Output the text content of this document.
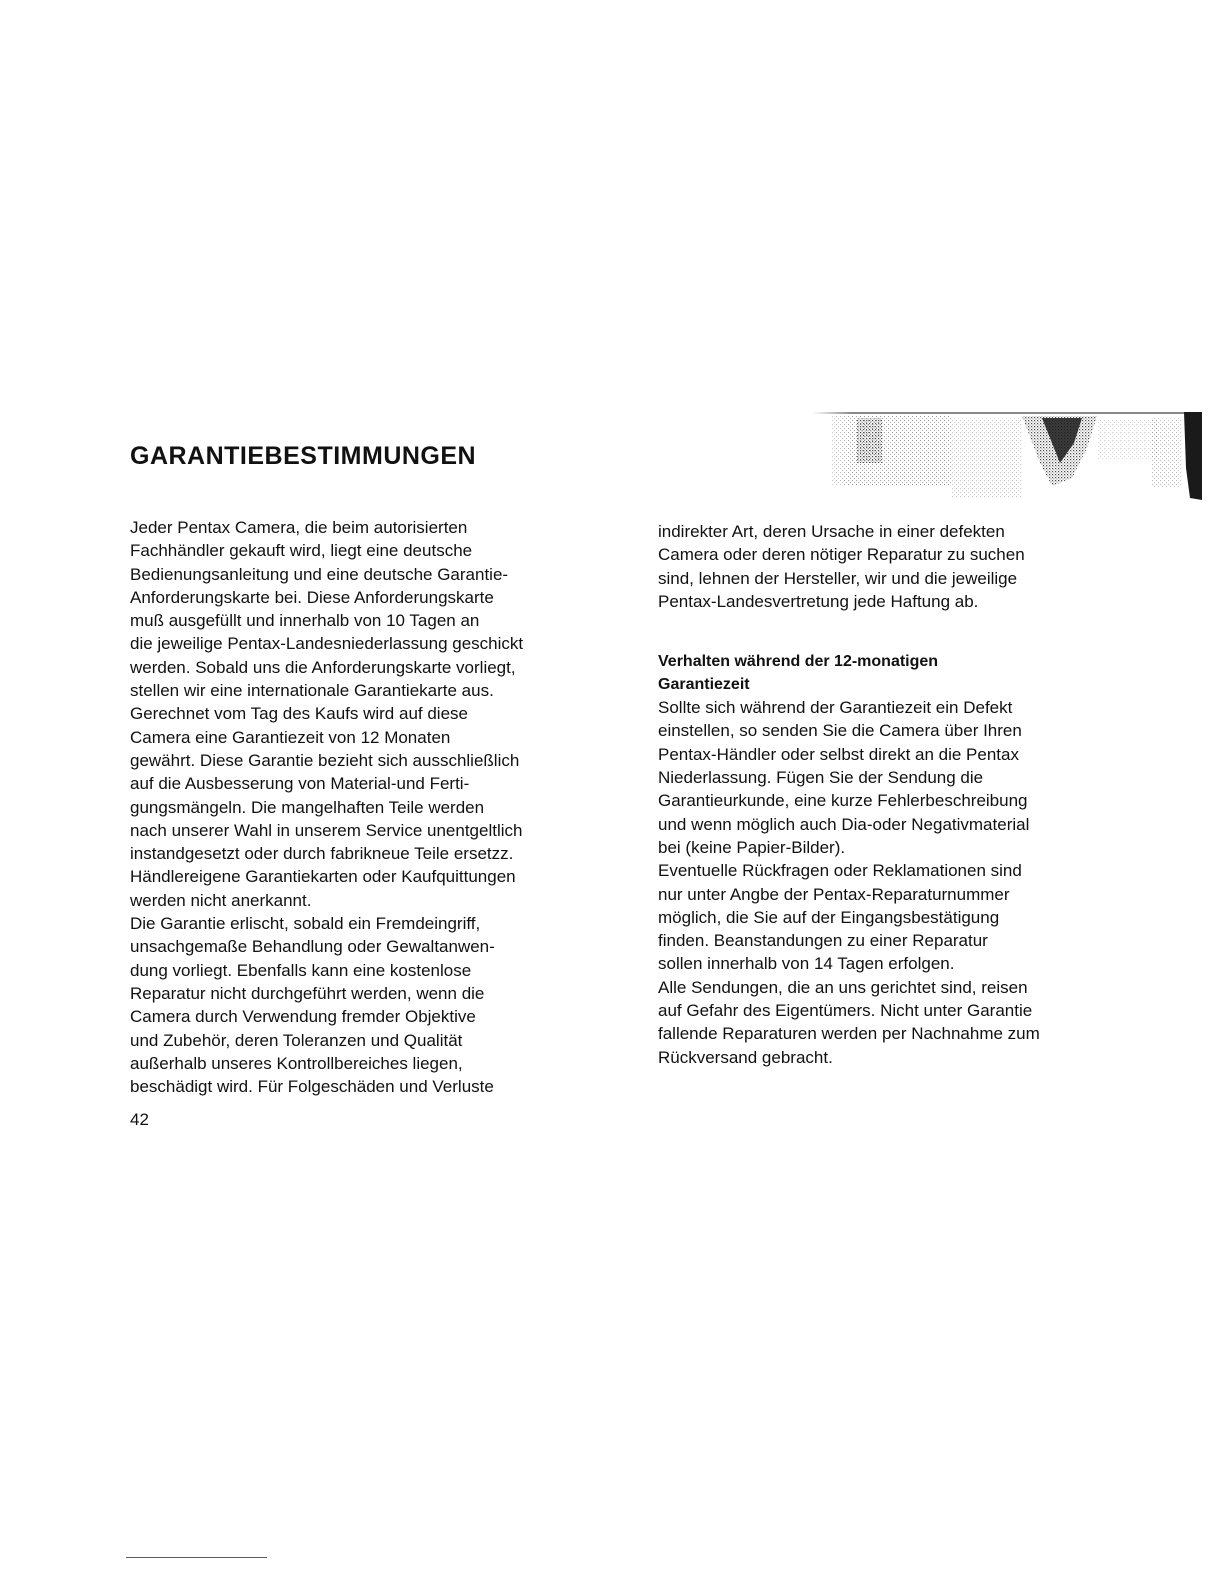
GARANTIEBESTIMMUNGEN
Jeder Pentax Camera, die beim autorisierten
Fachhändler gekauft wird, liegt eine deutsche
Bedienungsanleitung und eine deutsche Garantie-
Anforderungskarte bei. Diese Anforderungskarte
muß ausgefüllt und innerhalb von 10 Tagen an
die jeweilige Pentax-Landesniederlassung geschickt
werden. Sobald uns die Anforderungskarte vorliegt,
stellen wir eine internationale Garantiekarte aus.
Gerechnet vom Tag des Kaufs wird auf diese
Camera eine Garantiezeit von 12 Monaten
gewährt. Diese Garantie bezieht sich ausschließlich
auf die Ausbesserung von Material-und Ferti-
gungsmängeln. Die mangelhaften Teile werden
nach unserer Wahl in unserem Service unentgeltlich
instandgesetzt oder durch fabrikneue Teile ersetzz.
Händlereigene Garantiekarten oder Kaufquittungen
werden nicht anerkannt.
Die Garantie erlischt, sobald ein Fremdeingriff,
unsachgemaße Behandlung oder Gewaltanwen-
dung vorliegt. Ebenfalls kann eine kostenlose
Reparatur nicht durchgeführt werden, wenn die
Camera durch Verwendung fremder Objektive
und Zubehör, deren Toleranzen und Qualität
außerhalb unseres Kontrollbereiches liegen,
beschädigt wird. Für Folgeschäden und Verluste
indirekter Art, deren Ursache in einer defekten
Camera oder deren nötiger Reparatur zu suchen
sind, lehnen der Hersteller, wir und die jeweilige
Pentax-Landesvertretung jede Haftung ab.
Verhalten während der 12-monatigen
Garantiezeit
Sollte sich während der Garantiezeit ein Defekt
einstellen, so senden Sie die Camera über Ihren
Pentax-Händler oder selbst direkt an die Pentax
Niederlassung. Fügen Sie der Sendung die
Garantieurkunde, eine kurze Fehlerbeschreibung
und wenn möglich auch Dia-oder Negativmaterial
bei (keine Papier-Bilder).
Eventuelle Rückfragen oder Reklamationen sind
nur unter Angbe der Pentax-Reparaturnummer
möglich, die Sie auf der Eingangsbestätigung
finden. Beanstandungen zu einer Reparatur
sollen innerhalb von 14 Tagen erfolgen.
Alle Sendungen, die an uns gerichtet sind, reisen
auf Gefahr des Eigentümers. Nicht unter Garantie
fallende Reparaturen werden per Nachnahme zum
Rückversand gebracht.
42
